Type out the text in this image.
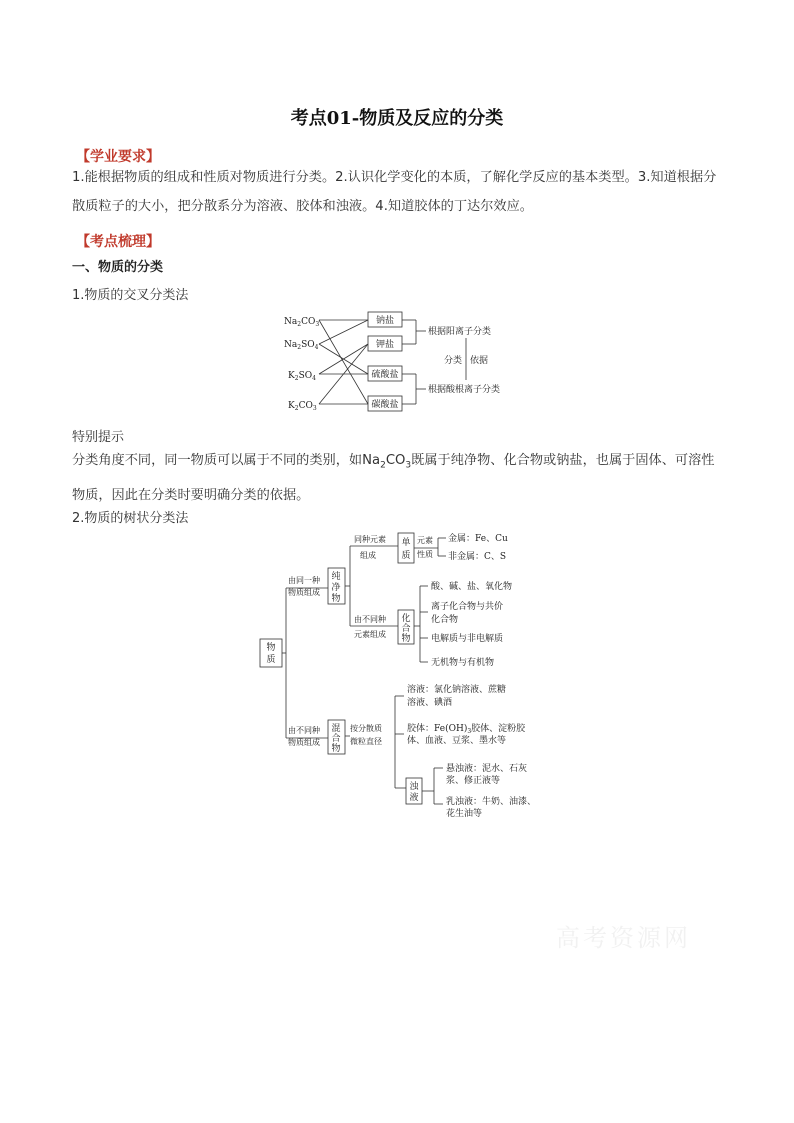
考点01-物质及反应的分类
【学业要求】
1.能根据物质的组成和性质对物质进行分类。2.认识化学变化的本质，了解化学反应的基本类型。3.知道根据分散质粒子的大小，把分散系分为溶液、胶体和浊液。4.知道胶体的丁达尔效应。
【考点梳理】
一、物质的分类
1.物质的交叉分类法
$Na_2CO_3$
$Na_2SO_4$
$K_2SO_4$
$K_2CO_3$
钠盐
钾盐
硫酸盐
碳酸盐
根据阳离子分类
根据酸根离子分类
分类 依据
特别提示
分类角度不同，同一物质可以属于不同的类别，如$Na_2CO_3$既属于纯净物、化合物或钠盐，也属于固体、可溶性物质，因此在分类时要明确分类的依据。
2.物质的树状分类法
物
质
由同一种
物质组成
由不同种
物质组成
纯
净
物
同种元素
组成
单
质
元素
性质
金属：Fe、Cu
非金属：C、S
由不同种
元素组成
化
合
物
酸、碱、盐、氧化物
离子化合物与共价
化合物
电解质与非电解质
无机物与有机物
混
合
物
按分散质
微粒直径
溶液：氯化钠溶液、蔗糖
溶液、碘酒
胶体：$Fe(OH)_3$胶体、淀粉胶
体、血液、豆浆、墨水等
浊
液
悬浊液：泥水、石灰
浆、修正液等
乳浊液：牛奶、油漆、
花生油等
高考资源网
